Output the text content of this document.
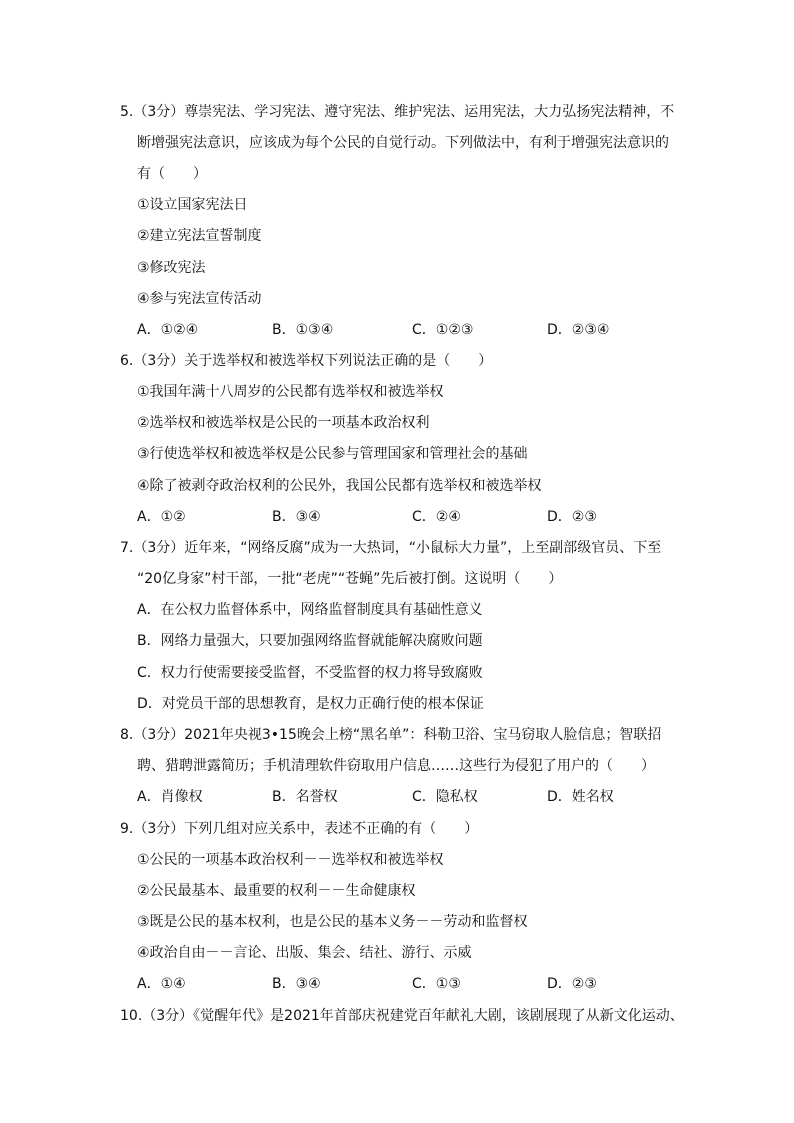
5.（3分）尊崇宪法、学习宪法、遵守宪法、维护宪法、运用宪法，大力弘扬宪法精神，不
断增强宪法意识，应该成为每个公民的自觉行动。下列做法中，有利于增强宪法意识的
有（　　）
①设立国家宪法日
②建立宪法宣誓制度
③修改宪法
④参与宪法宣传活动
A．①②④	B．①③④	C．①②③	D．②③④
6.（3分）关于选举权和被选举权下列说法正确的是（　　）
①我国年满十八周岁的公民都有选举权和被选举权
②选举权和被选举权是公民的一项基本政治权利
③行使选举权和被选举权是公民参与管理国家和管理社会的基础
④除了被剥夺政治权利的公民外，我国公民都有选举权和被选举权
A．①②	B．③④	C．②④	D．②③
7.（3分）近年来，“网络反腐”成为一大热词，“小鼠标大力量”，上至副部级官员、下至
“20亿身家”村干部，一批“老虎”“苍蝇”先后被打倒。这说明（　　）
A．在公权力监督体系中，网络监督制度具有基础性意义
B．网络力量强大，只要加强网络监督就能解决腐败问题
C．权力行使需要接受监督，不受监督的权力将导致腐败
D．对党员干部的思想教育，是权力正确行使的根本保证
8.（3分）2021年央视3•15晚会上榜“黑名单”：科勒卫浴、宝马窃取人脸信息；智联招
聘、猎聘泄露简历；手机清理软件窃取用户信息……这些行为侵犯了用户的（　　）
A．肖像权	B．名誉权	C．隐私权	D．姓名权
9.（3分）下列几组对应关系中，表述不正确的有（　　）
①公民的一项基本政治权利－－选举权和被选举权
②公民最基本、最重要的权利－－生命健康权
③既是公民的基本权利，也是公民的基本义务－－劳动和监督权
④政治自由－－言论、出版、集会、结社、游行、示威
A．①④	B．③④	C．①③	D．②③
10.（3分）《觉醒年代》是2021年首部庆祝建党百年献礼大剧，该剧展现了从新文化运动、
